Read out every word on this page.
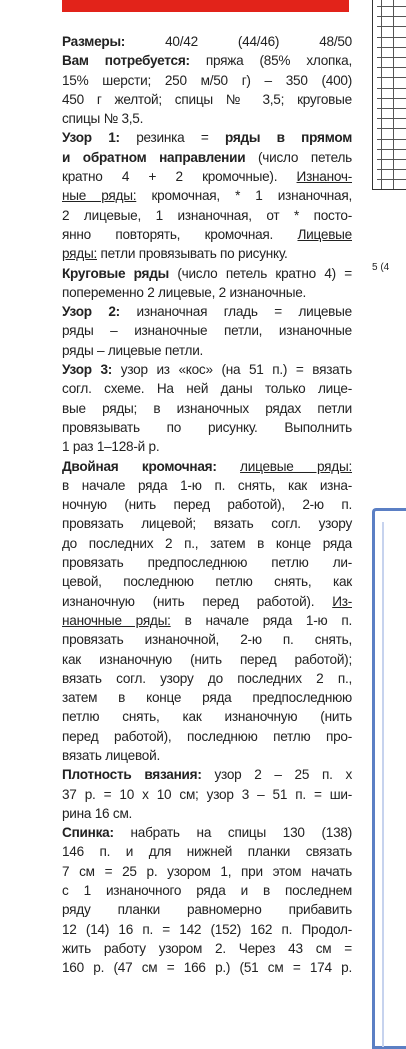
5 (4
Размеры: 40/42 (44/46) 48/50
Вам потребуется: пряжа (85% хлопка,
15% шерсти; 250 м/50 г) – 350 (400)
450 г желтой; спицы № 3,5; круговые
спицы № 3,5.
Узор 1: резинка = ряды в прямом
и обратном направлении (число петель
кратно 4 + 2 кромочные). Изнаноч-
ные ряды: кромочная, * 1 изнаночная,
2 лицевые, 1 изнаночная, от * посто-
янно повторять, кромочная. Лицевые
ряды: петли провязывать по рисунку.
Круговые ряды (число петель кратно 4) =
попеременно 2 лицевые, 2 изнаночные.
Узор 2: изнаночная гладь = лицевые
ряды – изнаночные петли, изнаночные
ряды – лицевые петли.
Узор 3: узор из «кос» (на 51 п.) = вязать
согл. схеме. На ней даны только лице-
вые ряды; в изнаночных рядах петли
провязывать по рисунку. Выполнить
1 раз 1–128-й р.
Двойная кромочная: лицевые ряды:
в начале ряда 1-ю п. снять, как изна-
ночную (нить перед работой), 2-ю п.
провязать лицевой; вязать согл. узору
до последних 2 п., затем в конце ряда
провязать предпоследнюю петлю ли-
цевой, последнюю петлю снять, как
изнаночную (нить перед работой). Из-
наночные ряды: в начале ряда 1-ю п.
провязать изнаночной, 2-ю п. снять,
как изнаночную (нить перед работой);
вязать согл. узору до последних 2 п.,
затем в конце ряда предпоследнюю
петлю снять, как изнаночную (нить
перед работой), последнюю петлю про-
вязать лицевой.
Плотность вязания: узор 2 – 25 п. х
37 р. = 10 х 10 см; узор 3 – 51 п. = ши-
рина 16 см.
Спинка: набрать на спицы 130 (138)
146 п. и для нижней планки связать
7 см = 25 р. узором 1, при этом начать
с 1 изнаночного ряда и в последнем
ряду планки равномерно прибавить
12 (14) 16 п. = 142 (152) 162 п. Продол-
жить работу узором 2. Через 43 см =
160 р. (47 см = 166 р.) (51 см = 174 р.
